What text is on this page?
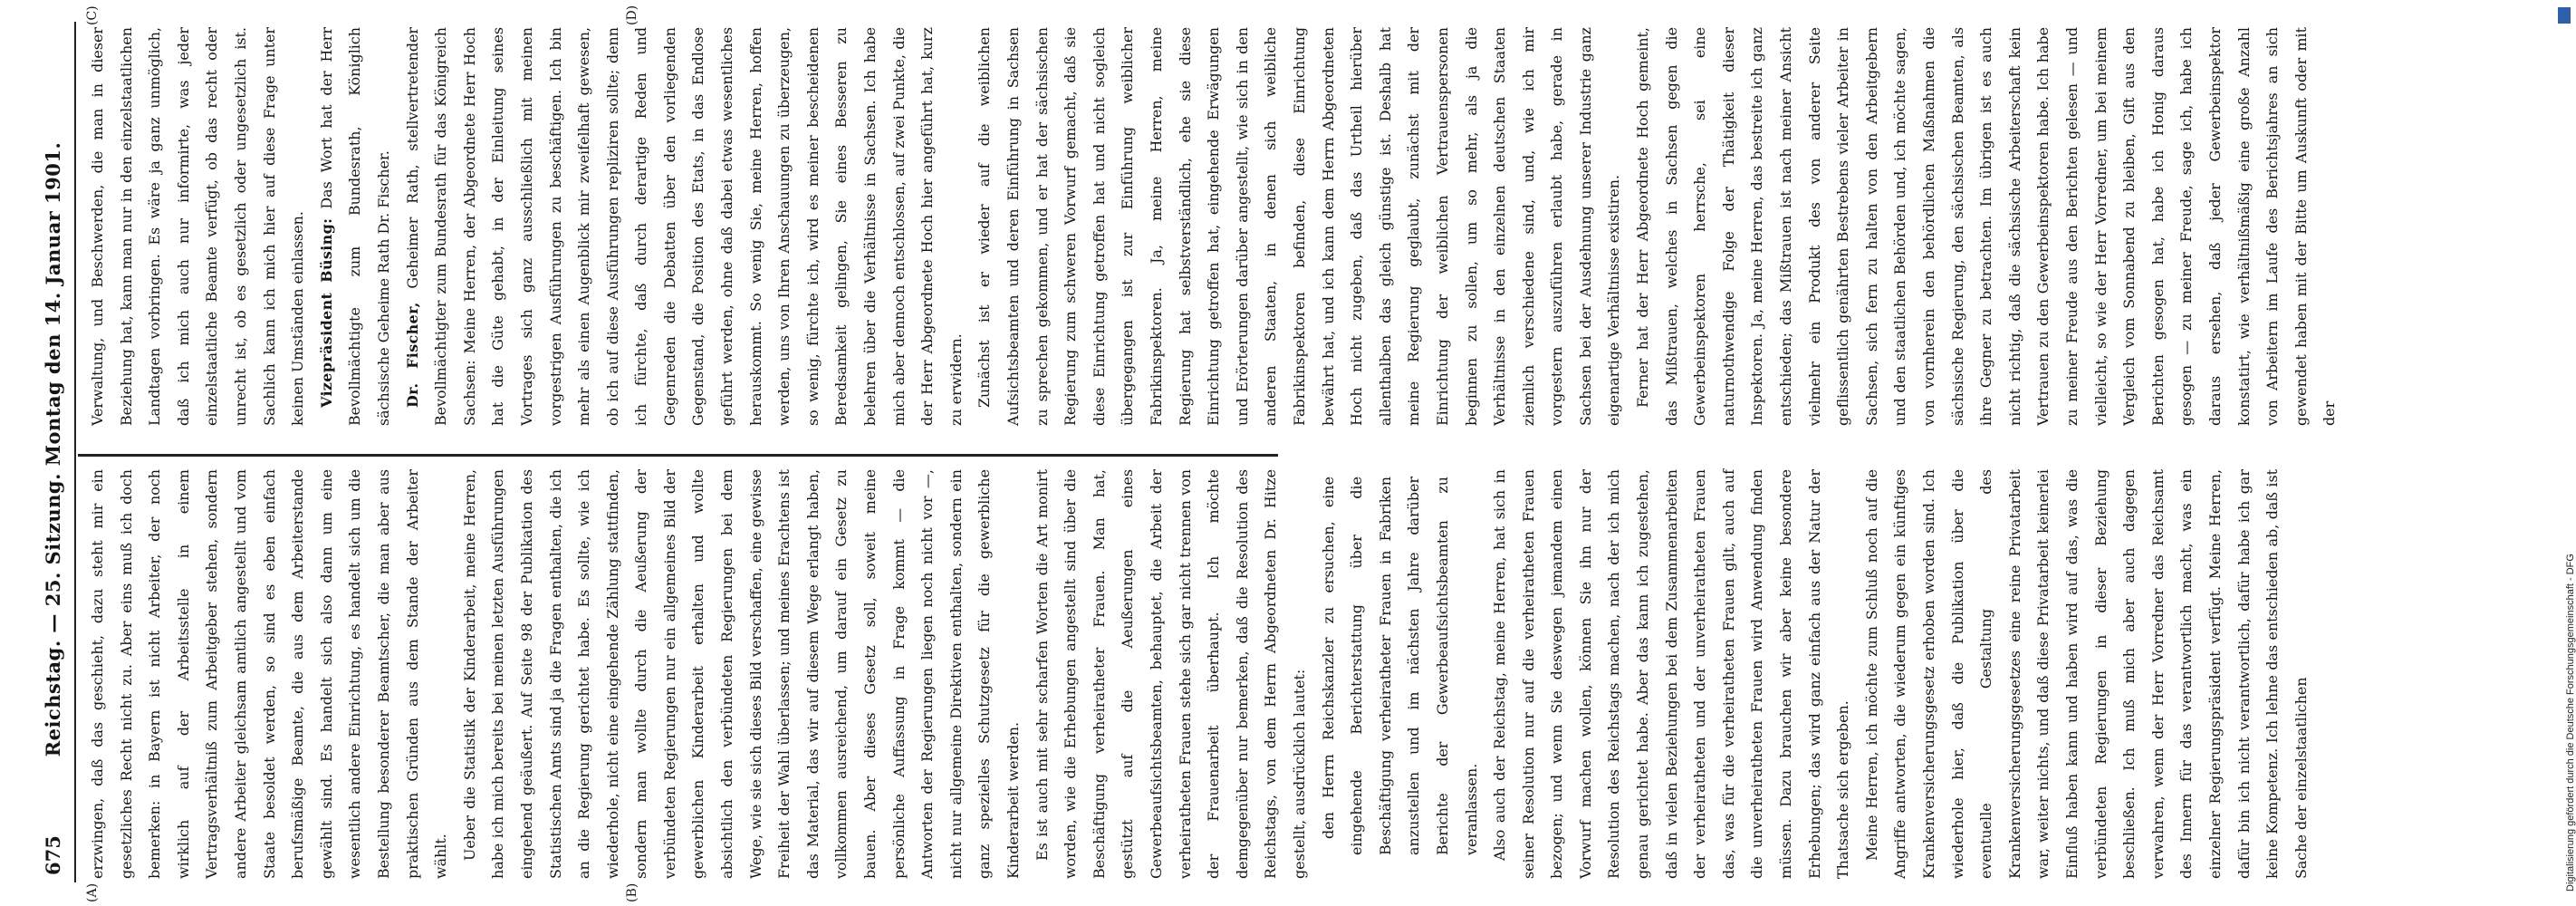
675
Reichstag. — 25. Sitzung. Montag den 14. Januar 1901.
(A)	(B)
(C)	(D)

erzwingen, daß das geschieht, dazu steht mir ein gesetzliches Recht nicht zu. Aber eins muß ich doch bemerken: in Bayern ist nicht Arbeiter, der noch wirklich auf der Arbeitsstelle in einem Vertragsverhältniß zum Arbeitgeber stehen, sondern andere Arbeiter gleichsam amtlich angestellt und vom Staate besoldet werden, so sind es eben einfach berufsmäßige Beamte, die aus dem Arbeiterstande gewählt sind. Es handelt sich also dann um eine wesentlich andere Einrichtung, es handelt sich um die Bestellung besonderer Beamtscher, die man aber aus praktischen Gründen aus dem Stande der Arbeiter wählt. Ueber die Statistik der Kinderarbeit, meine Herren, habe ich mich bereits bei meinen letzten Ausführungen eingehend geäußert. Auf Seite 98 der Publikation des Statistischen Amts sind ja die Fragen enthalten, die ich an die Regierung gerichtet habe. Es sollte, wie ich wiederhole, nicht eine eingehende Zählung stattfinden, sondern man wollte durch die Aeußerung der verbündeten Regierungen nur ein allgemeines Bild der gewerblichen Kinderarbeit erhalten und wollte absichtlich den verbündeten Regierungen bei dem Wege, wie sie sich dieses Bild verschaffen, eine gewisse Freiheit der Wahl überlassen; und meines Erachtens ist das Material, das wir auf diesem Wege erlangt haben, vollkommen ausreichend, um darauf ein Gesetz zu bauen. Aber dieses Gesetz soll, soweit meine persönliche Auffassung in Frage kommt — die Antworten der Regierungen liegen noch nicht vor —, nicht nur allgemeine Direktiven enthalten, sondern ein ganz spezielles Schutzgesetz für die gewerbliche Kinderarbeit werden. Es ist auch mit sehr scharfen Worten die Art monirt worden, wie die Erhebungen angestellt sind über die Beschäftigung verheiratheter Frauen. Man hat, gestützt auf die Aeußerungen eines Gewerbeaufsichtsbeamten, behauptet, die Arbeit der verheiratheten Frauen stehe sich gar nicht trennen von der Frauenarbeit überhaupt. Ich möchte demgegenüber nur bemerken, daß die Resolution des Reichstags, von dem Herrn Abgeordneten Dr. Hitze gestellt, ausdrücklich lautet: den Herrn Reichskanzler zu ersuchen, eine eingehende Berichterstattung über die Beschäftigung verheiratheter Frauen in Fabriken anzustellen und im nächsten Jahre darüber Berichte der Gewerbeaufsichtsbeamten zu veranlassen. Also auch der Reichstag, meine Herren, hat sich in seiner Resolution nur auf die verheiratheten Frauen bezogen; und wenn Sie deswegen jemandem einen Vorwurf machen wollen, können Sie ihn nur der Resolution des Reichstags machen, nach der ich mich genau gerichtet habe. Aber das kann ich zugestehen, daß in vielen Beziehungen bei dem Zusammenarbeiten der verheiratheten und der unverheiratheten Frauen das, was für die verheiratheten Frauen gilt, auch auf die unverheiratheten Frauen wird Anwendung finden müssen. Dazu brauchen wir aber keine besondere Erhebungen; das wird ganz einfach aus der Natur der Thatsache sich ergeben. Meine Herren, ich möchte zum Schluß noch auf die Angriffe antworten, die wiederum gegen ein künftiges Krankenversicherungsgesetz erhoben worden sind. Ich wiederhole hier, daß die Publikation über die eventuelle Gestaltung des Krankenversicherungsgesetzes eine reine Privatarbeit war, weiter nichts, und daß diese Privatarbeit keinerlei Einfluß haben kann und haben wird auf das, was die verbündeten Regierungen in dieser Beziehung beschließen. Ich muß mich aber auch dagegen verwahren, wenn der Herr Vorredner das Reichsamt des Innern für das verantwortlich macht, was ein einzelner Regierungspräsident verfügt. Meine Herren, dafür bin ich nicht verantwortlich, dafür habe ich gar keine Kompetenz. Ich lehne das entschieden ab, daß ist Sache der einzelstaatlichen

Verwaltung, und Beschwerden, die man in dieser Beziehung hat, kann man nur in den einzelstaatlichen Landtagen vorbringen. Es wäre ja ganz unmöglich, daß ich mich auch nur informirte, was jeder einzelstaatliche Beamte verfügt, ob das recht oder unrecht ist, ob es gesetzlich oder ungesetzlich ist. Sachlich kann ich mich hier auf diese Frage unter keinen Umständen einlassen. Vizepräsident Büsing: Das Wort hat der Herr Bevollmächtigte zum Bundesrath, Königlich sächsische Geheime Rath Dr. Fischer. Dr. Fischer, Geheimer Rath, stellvertretender Bevollmächtigter zum Bundesrath für das Königreich Sachsen: Meine Herren, der Abgeordnete Herr Hoch hat die Güte gehabt, in der Einleitung seines Vortrages sich ganz ausschließlich mit meinen vorgestrigen Ausführungen zu beschäftigen. Ich bin mehr als einen Augenblick mir zweifelhaft gewesen, ob ich auf diese Ausführungen repliziren sollte; denn ich fürchte, daß durch derartige Reden und Gegenreden die Debatten über den vorliegenden Gegenstand, die Position des Etats, in das Endlose geführt werden, ohne daß dabei etwas wesentliches herauskommt. So wenig Sie, meine Herren, hoffen werden, uns von Ihren Anschauungen zu überzeugen, so wenig, fürchte ich, wird es meiner bescheidenen Beredsamkeit gelingen, Sie eines Besseren zu belehren über die Verhältnisse in Sachsen. Ich habe mich aber dennoch entschlossen, auf zwei Punkte, die der Herr Abgeordnete Hoch hier angeführt hat, kurz zu erwidern. Zunächst ist er wieder auf die weiblichen Aufsichtsbeamten und deren Einführung in Sachsen zu sprechen gekommen, und er hat der sächsischen Regierung zum schweren Vorwurf gemacht, daß sie diese Einrichtung getroffen hat und nicht sogleich übergegangen ist zur Einführung weiblicher Fabrikinspektoren. Ja, meine Herren, meine Regierung hat selbstverständlich, ehe sie diese Einrichtung getroffen hat, eingehende Erwägungen und Erörterungen darüber angestellt, wie sich in den anderen Staaten, in denen sich weibliche Fabrikinspektoren befinden, diese Einrichtung bewährt hat, und ich kann dem Herrn Abgeordneten Hoch nicht zugeben, daß das Urtheil hierüber allenthalben das gleich günstige ist. Deshalb hat meine Regierung geglaubt, zunächst mit der Einrichtung der weiblichen Vertrauenspersonen beginnen zu sollen, um so mehr, als ja die Verhältnisse in den einzelnen deutschen Staaten ziemlich verschiedene sind, und, wie ich mir vorgestern auszuführen erlaubt habe, gerade in Sachsen bei der Ausdehnung unserer Industrie ganz eigenartige Verhältnisse existiren. Ferner hat der Herr Abgeordnete Hoch gemeint, das Mißtrauen, welches in Sachsen gegen die Gewerbeinspektoren herrsche, sei eine naturnothwendige Folge der Thätigkeit dieser Inspektoren. Ja, meine Herren, das bestreite ich ganz entschieden; das Mißtrauen ist nach meiner Ansicht vielmehr ein Produkt des von anderer Seite geflissentlich genährten Bestrebens vieler Arbeiter in Sachsen, sich fern zu halten von den Arbeitgebern und den staatlichen Behörden und, ich möchte sagen, von vornherein den behördlichen Maßnahmen die sächsische Regierung, den sächsischen Beamten, als ihre Gegner zu betrachten. Im übrigen ist es auch nicht richtig, daß die sächsische Arbeiterschaft kein Vertrauen zu den Gewerbeinspektoren habe. Ich habe zu meiner Freude aus den Berichten gelesen — und vielleicht, so wie der Herr Vorredner, um bei meinem Vergleich vom Sonnabend zu bleiben, Gift aus den Berichten gesogen hat, habe ich Honig daraus gesogen — zu meiner Freude, sage ich, habe ich daraus ersehen, daß jeder Gewerbeinspektor konstatirt, wie verhältnißmäßig eine große Anzahl von Arbeitern im Laufe des Berichtsjahres an sich gewendet haben mit der Bitte um Auskunft oder mit der

Digitalisierung gefördert durch die Deutsche Forschungsgemeinschaft - DFG
